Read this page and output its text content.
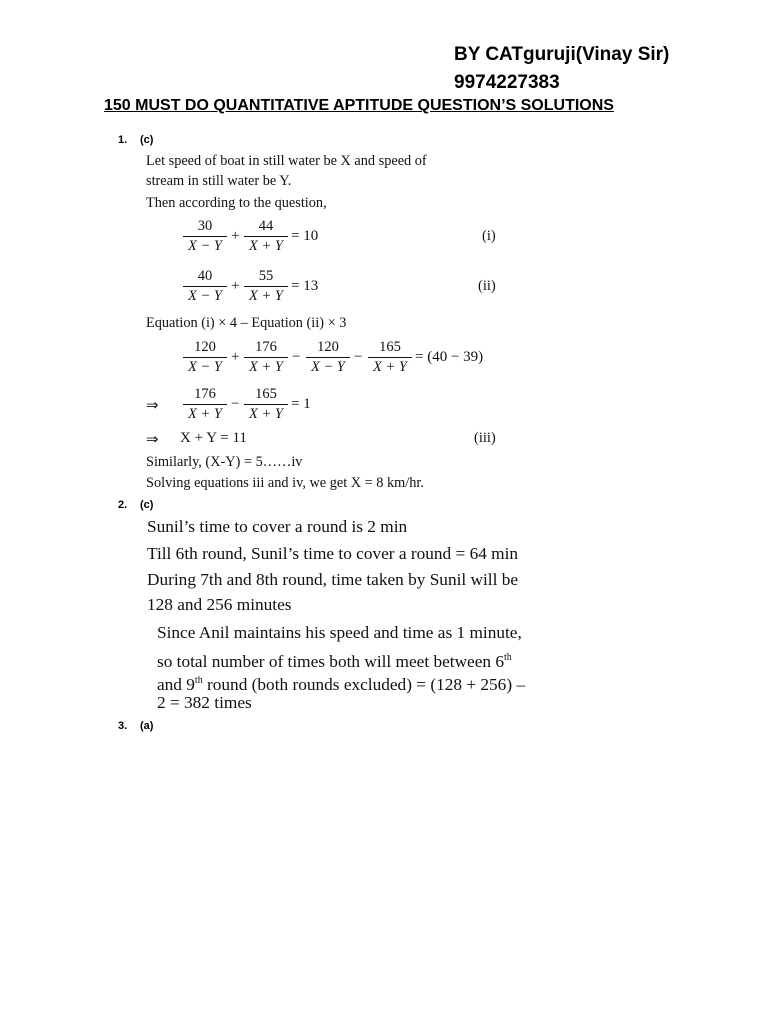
BY CATguruji(Vinay Sir)
9974227383
150 MUST DO QUANTITATIVE APTITUDE QUESTION’S SOLUTIONS
1. (c)
Let speed of boat in still water be X and speed of
stream in still water be Y.
Then according to the question,
30
X − Y
+
44
X + Y
= 10	(i)
40
X − Y
+
55
X + Y
= 13	(ii)
Equation (i) × 4 – Equation (ii) × 3
120
X − Y
+
176
X + Y
−
120
X − Y
−
165
X + Y
= (40 − 39)
⇒
176
X + Y
−
165
X + Y
= 1
⇒ X + Y = 11	(iii)
Similarly, (X-Y) = 5……iv
Solving equations iii and iv, we get X = 8 km/hr.
2. (c)
Sunil’s time to cover a round is 2 min
Till 6th round, Sunil’s time to cover a round = 64 min
During 7th and 8th round, time taken by Sunil will be
128 and 256 minutes
Since Anil maintains his speed and time as 1 minute,
so total number of times both will meet between 6th
and 9th round (both rounds excluded) = (128 + 256) –
2 = 382 times
3. (a)
